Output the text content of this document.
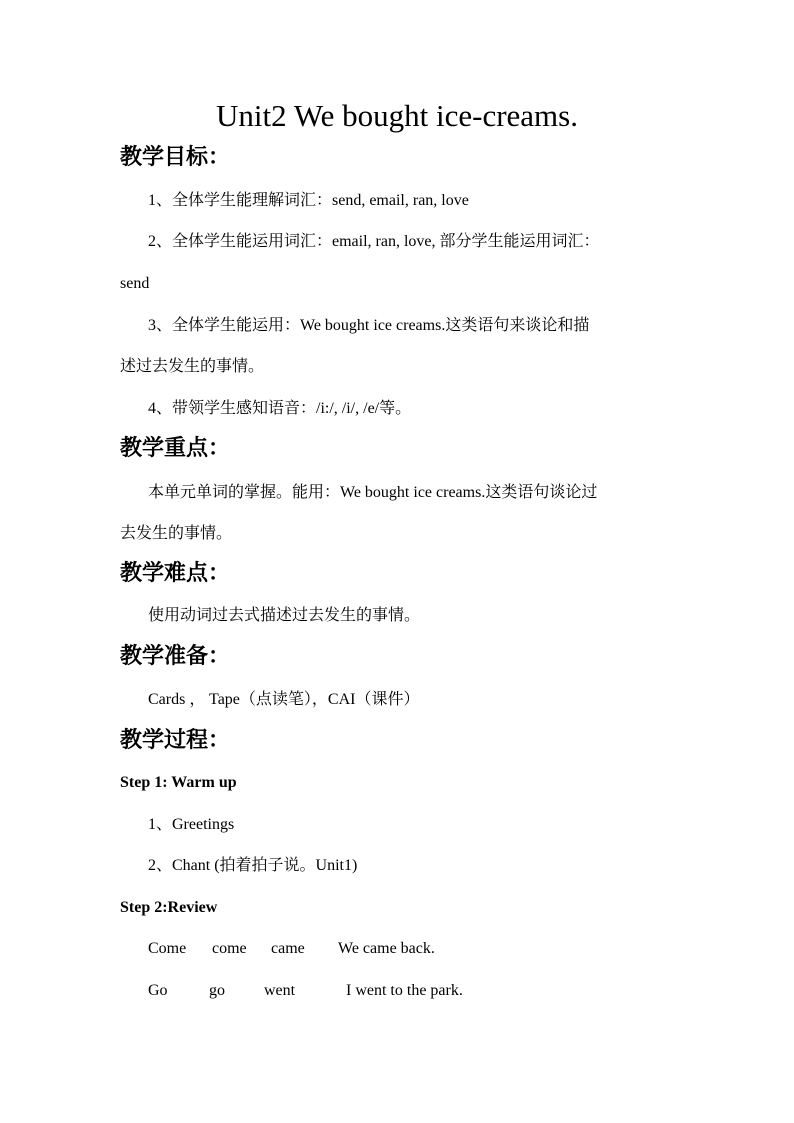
Unit2 We bought ice-creams.
教学目标：
1、全体学生能理解词汇：send, email, ran, love
2、全体学生能运用词汇：email, ran, love, 部分学生能运用词汇：
send
3、全体学生能运用：We bought ice creams.这类语句来谈论和描
述过去发生的事情。
4、带领学生感知语音：/i:/, /i/, /e/等。
教学重点：
本单元单词的掌握。能用：We bought ice creams.这类语句谈论过
去发生的事情。
教学难点：
使用动词过去式描述过去发生的事情。
教学准备：
Cards ， Tape（点读笔），CAI（课件）
教学过程：
Step 1: Warm up
1、Greetings
2、Chant (拍着拍子说。Unit1)
Step 2:Review
Come come came We came back.
Go	go went	I went to the park.
